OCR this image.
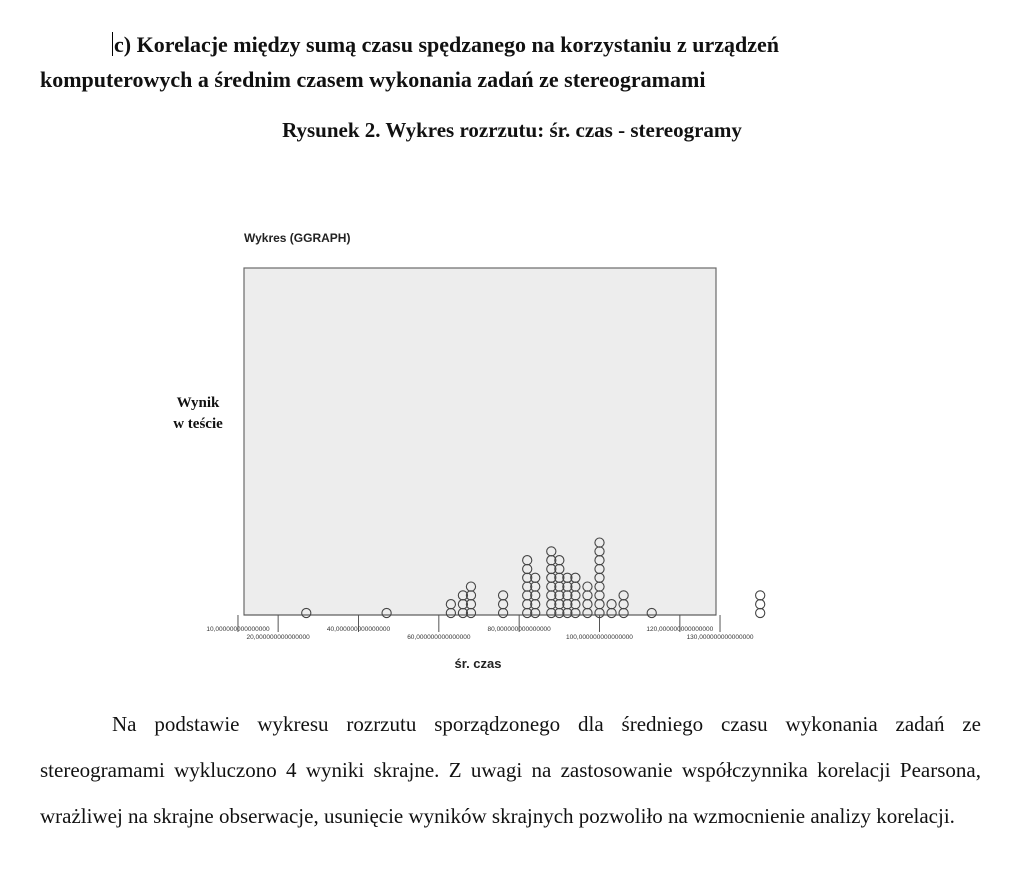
c) Korelacje między sumą czasu spędzanego na korzystaniu z urządzeń
komputerowych a średnim czasem wykonania zadań ze stereogramami
Rysunek 2. Wykres rozrzutu: śr. czas - stereogramy
Wykres (GGRAPH)
Wynik
w teście
10,000000000000000
20,000000000000000
40,000000000000000
60,000000000000000
80,000000000000000
100,000000000000000
120,000000000000000
130,000000000000000
śr. czas

Na podstawie wykresu rozrzutu sporządzonego dla średniego czasu wykonania zadań ze stereogramami wykluczono 4 wyniki skrajne. Z uwagi na zastosowanie współczynnika korelacji Pearsona, wrażliwej na skrajne obserwacje, usunięcie wyników skrajnych pozwoliło na wzmocnienie analizy korelacji.
